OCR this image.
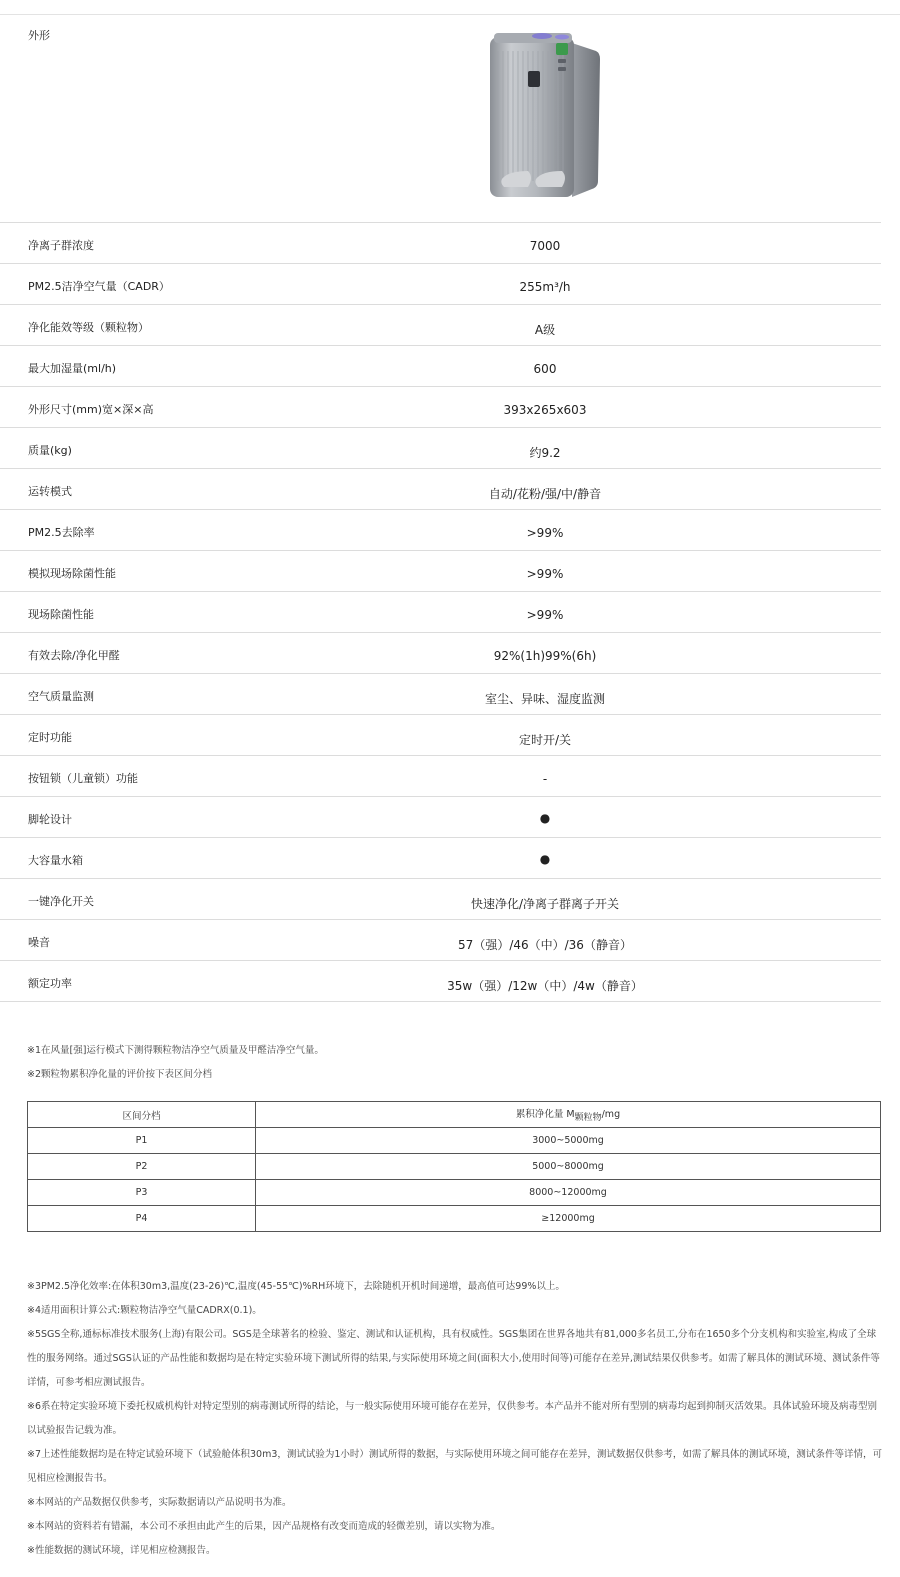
外形
净离子群浓度	7000
PM2.5洁净空气量（CADR）	255m³/h
净化能效等级（颗粒物）	A级
最大加湿量(ml/h)	600
外形尺寸(mm)宽×深×高	393x265x603
质量(kg)	约9.2
运转模式	自动/花粉/强/中/静音
PM2.5去除率	>99%
模拟现场除菌性能	>99%
现场除菌性能	>99%
有效去除/净化甲醛	92%(1h)99%(6h)
空气质量监测	室尘、异味、湿度监测
定时功能	定时开/关
按钮锁（儿童锁）功能	-
脚轮设计	●
大容量水箱	●
一键净化开关	快速净化/净离子群离子开关
噪音	57（强）/46（中）/36（静音）
额定功率	35w（强）/12w（中）/4w（静音）
※1在风量[强]运行模式下测得颗粒物洁净空气质量及甲醛洁净空气量。
※2颗粒物累积净化量的评价按下表区间分档
区间分档	累积净化量 $M_{颗粒物}/mg$
P1	3000~5000mg
P2	5000~8000mg
P3	8000~12000mg
P4	≥12000mg
※3PM2.5净化效率:在体积30m3,温度(23-26)℃,温度(45-55℃)%RH环境下，去除随机开机时间递增，最高值可达99%以上。
※4适用面积计算公式:颗粒物洁净空气量CADRX(0.1)。
※5SGS全称,通标标准技术服务(上海)有限公司。SGS是全球著名的检验、鉴定、测试和认证机构，具有权威性。SGS集团在世界各地共有81,000多名员工,分布在1650多个分支机构和实验室,构成了全球性的服务网络。通过SGS认证的产品性能和数据均是在特定实验环境下测试所得的结果,与实际使用环境之间(面积大小,使用时间等)可能存在差异,测试结果仅供参考。如需了解具体的测试环境、测试条件等详情，可参考相应测试报告。
※6系在特定实验环境下委托权威机构针对特定型别的病毒测试所得的结论，与一般实际使用环境可能存在差异，仅供参考。本产品并不能对所有型别的病毒均起到抑制灭活效果。具体试验环境及病毒型别以试验报告记载为准。
※7上述性能数据均是在特定试验环境下（试验舱体积30m3，测试试验为1小时）测试所得的数据，与实际使用环境之间可能存在差异，测试数据仅供参考，如需了解具体的测试环境，测试条件等详情，可见相应检测报告书。
※本网站的产品数据仅供参考，实际数据请以产品说明书为准。
※本网站的资料若有错漏，本公司不承担由此产生的后果，因产品规格有改变而造成的轻微差别，请以实物为准。
※性能数据的测试环境，详见相应检测报告。
